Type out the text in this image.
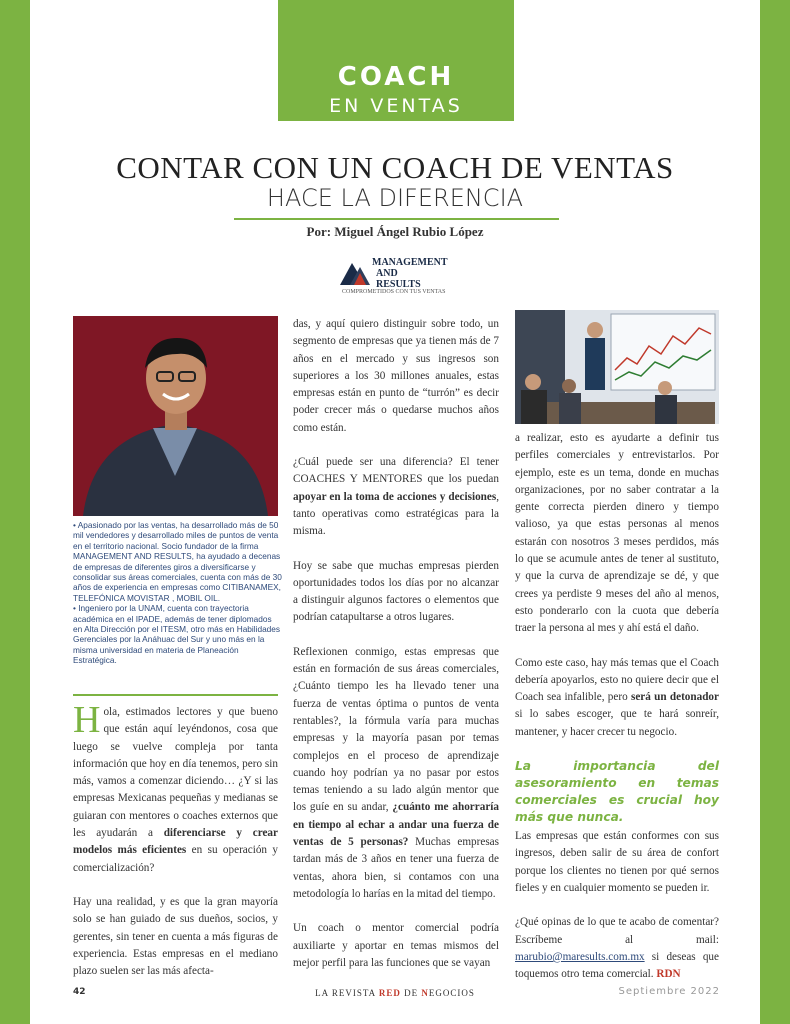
COACH
EN VENTAS
CONTAR CON UN COACH DE VENTAS
HACE LA DIFERENCIA
Por: Miguel Ángel Rubio López
MANAGEMENT
AND
RESULTS
COMPROMETIDOS CON TUS VENTAS

• Apasionado por las ventas, ha desarrollado más de 50 mil vendedores y desarrollado miles de puntos de venta en el territorio nacional. Socio fundador de la firma MANAGEMENT AND RESULTS, ha ayudado a decenas de empresas de diferentes giros a diversificarse y consolidar sus áreas comerciales, cuenta con más de 30 años de experiencia en empresas como CITIBANAMEX, TELEFÓNICA MOVISTAR , MOBIL OIL.

• Ingeniero por la UNAM, cuenta con trayectoria académica en el IPADE, además de tener diplomados en Alta Dirección por el ITESM, otro más en Habilidades Gerenciales por la Anáhuac del Sur y uno más en la misma universidad en materia de Planeación Estratégica.

Hola, estimados lectores y que bueno que están aquí leyéndonos, cosa que luego se vuelve compleja por tanta información que hoy en día tenemos, pero sin más, vamos a comenzar diciendo… ¿Y si las empresas Mexicanas pequeñas y medianas se guiaran con mentores o coaches externos que les ayudarán a diferenciarse y crear modelos más eficientes en su operación y comercialización?

Hay una realidad, y es que la gran mayoría solo se han guiado de sus dueños, socios, y gerentes, sin tener en cuenta a más figuras de experiencia. Estas empresas en el mediano plazo suelen ser las más afecta-

das, y aquí quiero distinguir sobre todo, un segmento de empresas que ya tienen más de 7 años en el mercado y sus ingresos son superiores a los 30 millones anuales, estas empresas están en punto de “turrón” es decir poder crecer más o quedarse muchos años como están.

¿Cuál puede ser una diferencia? El tener COACHES Y MENTORES que los puedan apoyar en la toma de acciones y decisiones, tanto operativas como estratégicas para la misma.

Hoy se sabe que muchas empresas pierden oportunidades todos los días por no alcanzar a distinguir algunos factores o elementos que podrían catapultarse a otros lugares.

Reflexionen conmigo, estas empresas que están en formación de sus áreas comerciales, ¿Cuánto tiempo les ha llevado tener una fuerza de ventas óptima o puntos de venta rentables?, la fórmula varía para muchas empresas y la mayoría pasan por temas complejos en el proceso de aprendizaje cuando hoy podrían ya no pasar por estos temas teniendo a su lado algún mentor que los guíe en su andar, ¿cuánto me ahorraría en tiempo al echar a andar una fuerza de ventas de 5 personas? Muchas empresas tardan más de 3 años en tener una fuerza de ventas, ahora bien, si contamos con una metodología lo harías en la mitad del tiempo.

Un coach o mentor comercial podría auxiliarte y aportar en temas mismos del mejor perfil para las funciones que se vayan

a realizar, esto es ayudarte a definir tus perfiles comerciales y entrevistarlos. Por ejemplo, este es un tema, donde en muchas organizaciones, por no saber contratar a la gente correcta pierden dinero y tiempo valioso, ya que estas personas al menos estarán con nosotros 3 meses perdidos, más lo que se acumule antes de tener al sustituto, y que la curva de aprendizaje se dé, y que crees ya perdiste 9 meses del año al menos, esto ponderarlo con la cuota que debería traer la persona al mes y ahí está el daño.

Como este caso, hay más temas que el Coach debería apoyarlos, esto no quiere decir que el Coach sea infalible, pero será un detonador si lo sabes escoger, que te hará sonreír, mantener, y hacer crecer tu negocio.

La importancia del asesoramiento en temas comerciales es crucial hoy más que nunca.

Las empresas que están conformes con sus ingresos, deben salir de su área de confort porque los clientes no tienen por qué sernos fieles y en cualquier momento se pueden ir.

¿Qué opinas de lo que te acabo de comentar? Escríbeme al mail: marubio@maresults.com.mx si deseas que toquemos otro tema comercial. RDN

42	LA REVISTA RED DE NEGOCIOS	Septiembre 2022
